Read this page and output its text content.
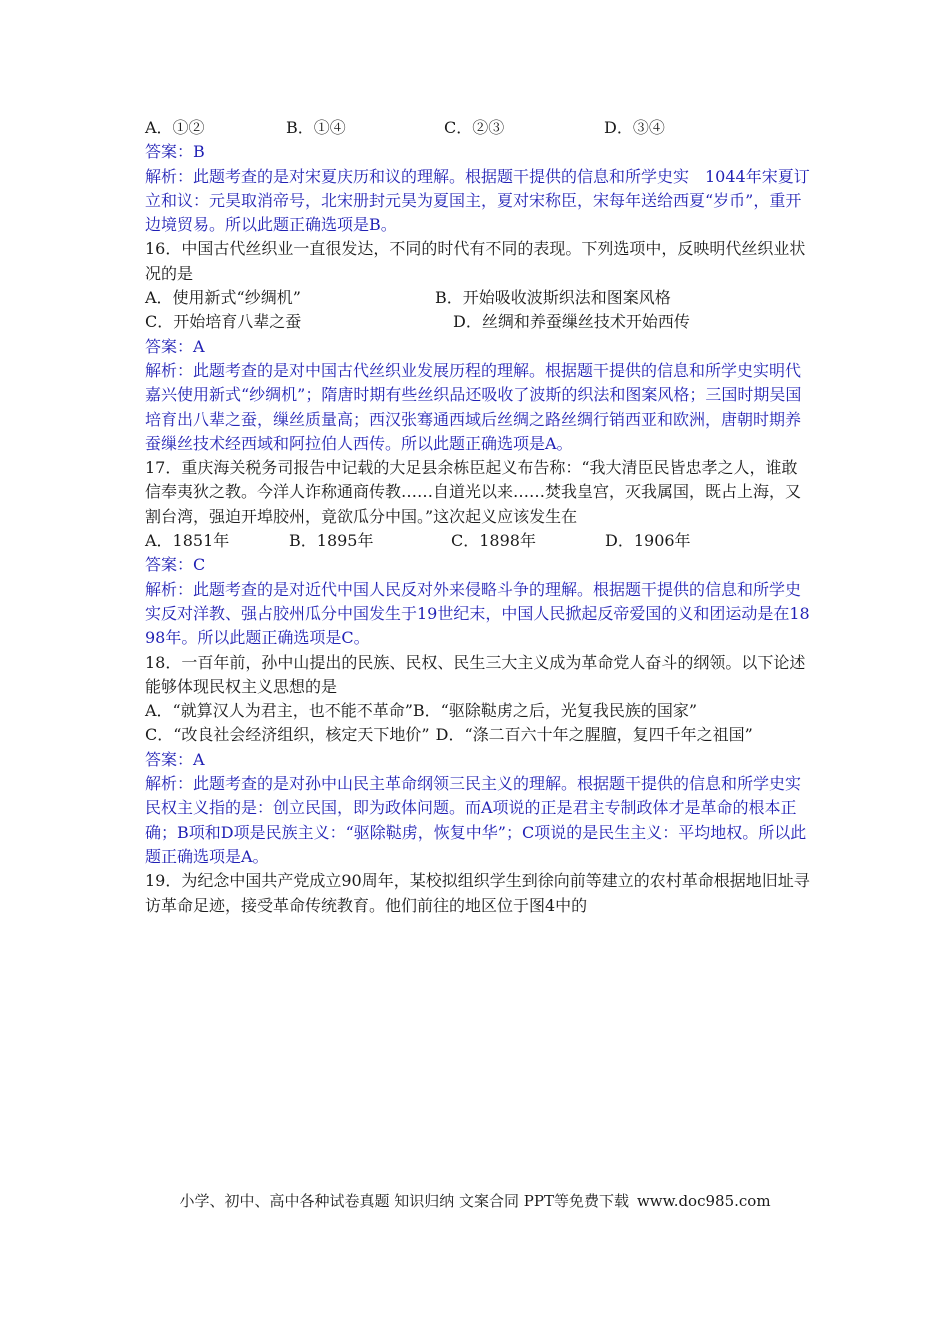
A．①②	B．①④	C．②③	D．③④
答案：B
解析：此题考查的是对宋夏庆历和议的理解。根据题干提供的信息和所学史实　1044年宋夏订立和议：元昊取消帝号，北宋册封元昊为夏国主，夏对宋称臣，宋每年送给西夏“岁币”，重开边境贸易。所以此题正确选项是B。
16．中国古代丝织业一直很发达，不同的时代有不同的表现。下列选项中，反映明代丝织业状况的是
A．使用新式“纱绸机”	B．开始吸收波斯织法和图案风格
C．开始培育八辈之蚕	D．丝绸和养蚕缫丝技术开始西传
答案：A
解析：此题考查的是对中国古代丝织业发展历程的理解。根据题干提供的信息和所学史实明代嘉兴使用新式“纱绸机”；隋唐时期有些丝织品还吸收了波斯的织法和图案风格；三国时期吴国培育出八辈之蚕，缫丝质量高；西汉张骞通西域后丝绸之路丝绸行销西亚和欧洲，唐朝时期养蚕缫丝技术经西域和阿拉伯人西传。所以此题正确选项是A。
17．重庆海关税务司报告中记载的大足县余栋臣起义布告称：“我大清臣民皆忠孝之人，谁敢信奉夷狄之教。今洋人诈称通商传教……自道光以来……焚我皇宫，灭我属国，既占上海，又割台湾，强迫开埠胶州，竟欲瓜分中国。”这次起义应该发生在
A．1851年	B．1895年	C．1898年	D．1906年
答案：C
解析：此题考查的是对近代中国人民反对外来侵略斗争的理解。根据题干提供的信息和所学史实反对洋教、强占胶州瓜分中国发生于19世纪末，中国人民掀起反帝爱国的义和团运动是在1898年。所以此题正确选项是C。
18．一百年前，孙中山提出的民族、民权、民生三大主义成为革命党人奋斗的纲领。以下论述能够体现民权主义思想的是
A．“就算汉人为君主，也不能不革命”B．“驱除鞑虏之后，光复我民族的国家”
C．“改良社会经济组织，核定天下地价” D．“涤二百六十年之腥膻，复四千年之祖国”
答案：A
解析：此题考查的是对孙中山民主革命纲领三民主义的理解。根据题干提供的信息和所学史实民权主义指的是：创立民国，即为政体问题。而A项说的正是君主专制政体才是革命的根本正确；B项和D项是民族主义：“驱除鞑虏，恢复中华”；C项说的是民生主义：平均地权。所以此题正确选项是A。
19．为纪念中国共产党成立90周年，某校拟组织学生到徐向前等建立的农村革命根据地旧址寻访革命足迹，接受革命传统教育。他们前往的地区位于图4中的
小学、初中、高中各种试卷真题 知识归纳 文案合同 PPT等免费下载 www.doc985.com
